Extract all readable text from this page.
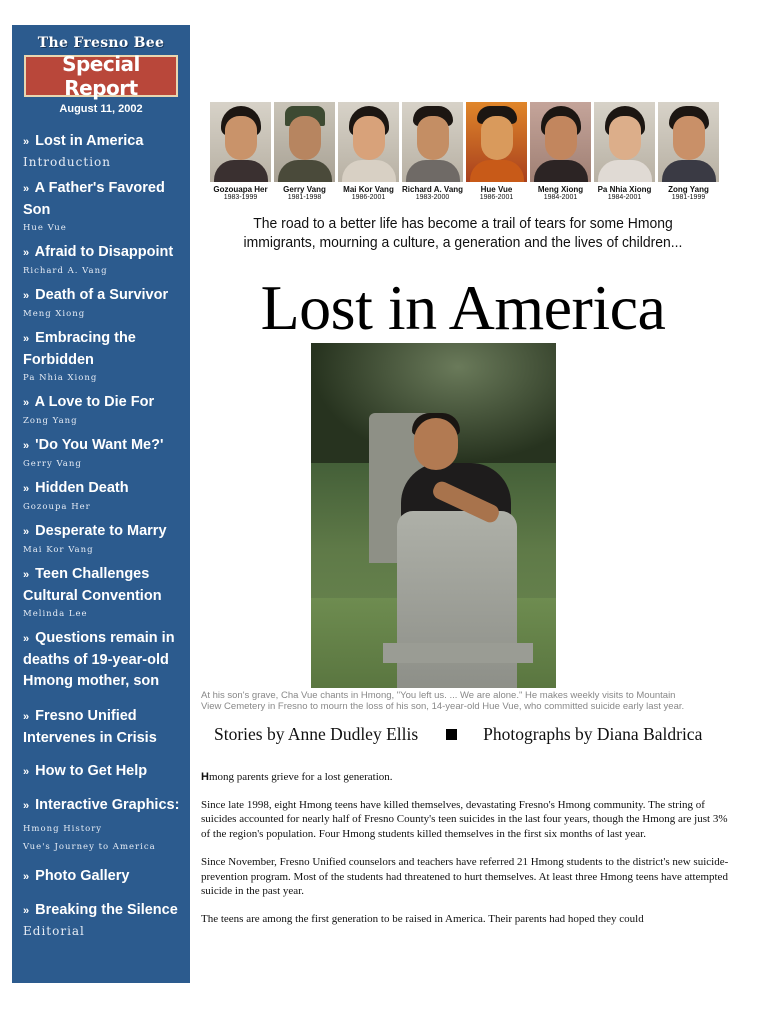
The Fresno Bee
Special Report
August 11, 2002
» Lost in America
Introduction
» A Father's Favored Son
Hue Vue
» Afraid to Disappoint
Richard A. Vang
» Death of a Survivor
Meng Xiong
» Embracing the Forbidden
Pa Nhia Xiong
» A Love to Die For
Zong Yang
» 'Do You Want Me?'
Gerry Vang
» Hidden Death
Gozoupa Her
» Desperate to Marry
Mai Kor Vang
» Teen Challenges Cultural Convention
Melinda Lee
» Questions remain in deaths of 19-year-old Hmong mother, son
» Fresno Unified Intervenes in Crisis
» How to Get Help
» Interactive Graphics: Hmong History
Vue's Journey to America
» Photo Gallery
» Breaking the Silence
Editorial
Gozouapa Her
1983-1999
Gerry Vang
1981-1998
Mai Kor Vang
1986-2001
Richard A. Vang
1983-2000
Hue Vue
1986-2001
Meng Xiong
1984-2001
Pa Nhia Xiong
1984-2001
Zong Yang
1981-1999
The road to a better life has become a trail of tears for some Hmong immigrants, mourning a culture, a generation and the lives of children...
Lost in America
At his son's grave, Cha Vue chants in Hmong, "You left us. ... We are alone." He makes weekly visits to Mountain View Cemetery in Fresno to mourn the loss of his son, 14-year-old Hue Vue, who committed suicide early last year.
Stories by Anne Dudley Ellis	Photographs by Diana Baldrica

Hmong parents grieve for a lost generation.

Since late 1998, eight Hmong teens have killed themselves, devastating Fresno's Hmong community. The string of suicides accounted for nearly half of Fresno County's teen suicides in the last four years, though the Hmong are just 3% of the region's population. Four Hmong students killed themselves in the first six months of last year.

Since November, Fresno Unified counselors and teachers have referred 21 Hmong students to the district's new suicide-prevention program. Most of the students had threatened to hurt themselves. At least three Hmong teens have attempted suicide in the past year.

The teens are among the first generation to be raised in America. Their parents had hoped they could
